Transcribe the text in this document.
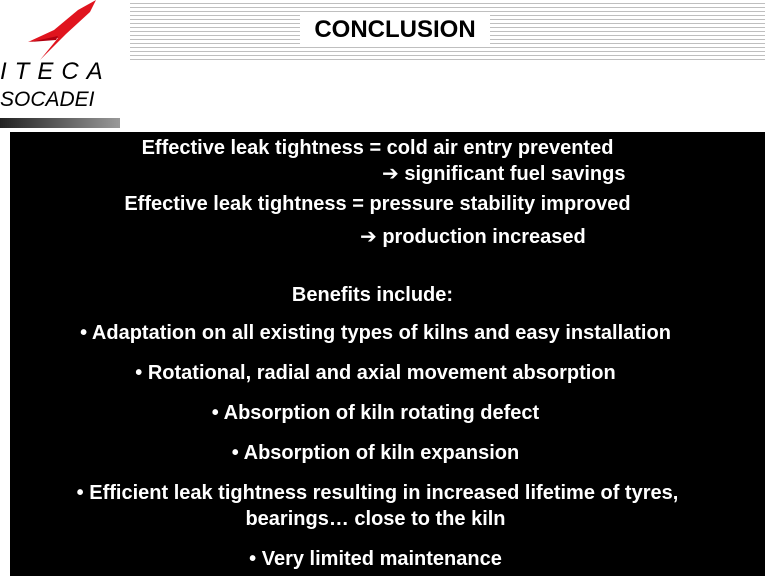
ITECA
SOCADEI
CONCLUSION
Effective leak tightness = cold air entry prevented
➔ significant fuel savings
Effective leak tightness = pressure stability improved
➔ production increased
Benefits include:
• Adaptation on all existing types of kilns and easy installation
• Rotational, radial and axial movement absorption
• Absorption of kiln rotating defect
• Absorption of kiln expansion
• Efficient leak tightness resulting in increased lifetime of tyres,
bearings… close to the kiln
• Very limited maintenance
